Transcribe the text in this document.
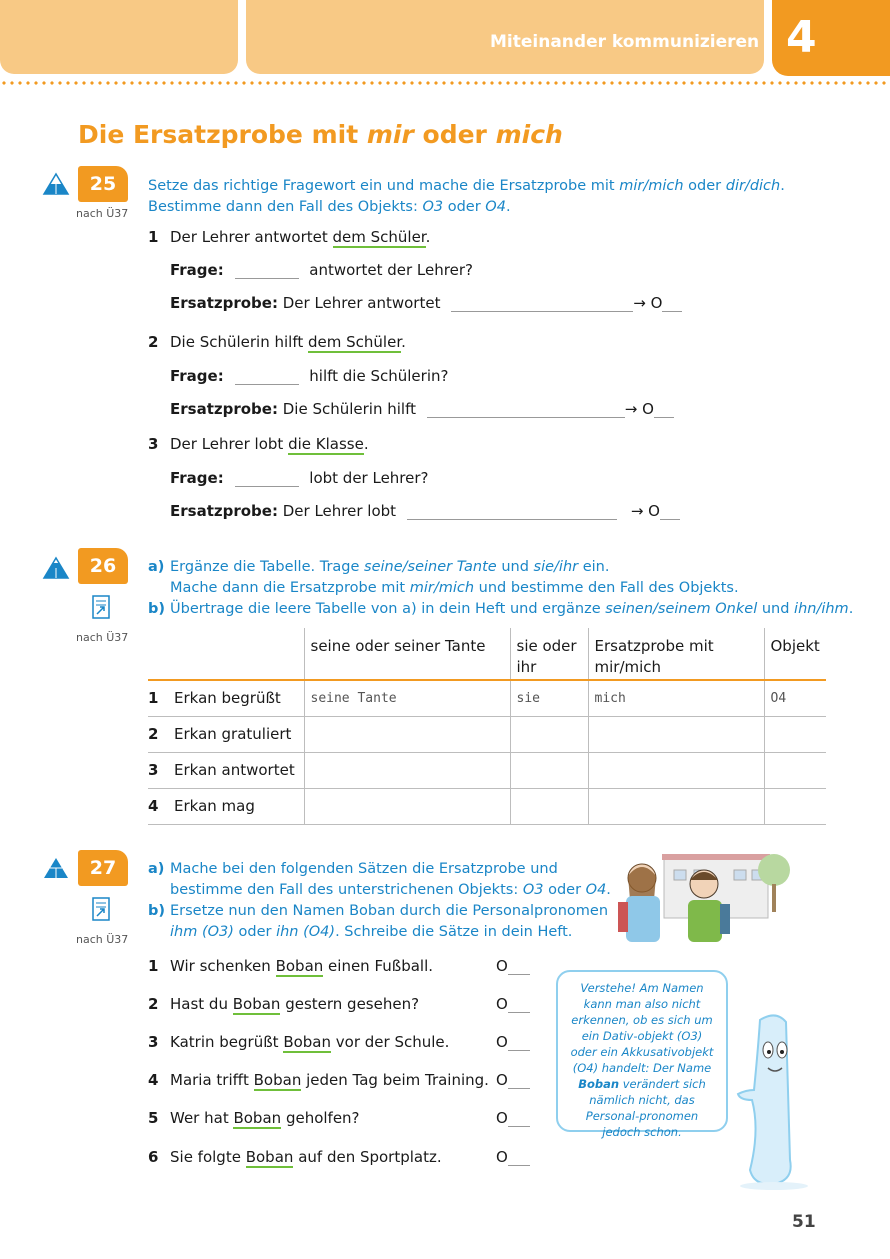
Miteinander kommunizieren 4
Die Ersatzprobe mit mir oder mich
25
nach Ü37
Setze das richtige Fragewort ein und mache die Ersatzprobe mit mir/mich oder dir/dich.
Bestimme dann den Fall des Objekts: O3 oder O4.
1 Der Lehrer antwortet dem Schüler.
Frage:	antwortet der Lehrer?
Ersatzprobe: Der Lehrer antwortet	→ O
2 Die Schülerin hilft dem Schüler.
Frage:	hilft die Schülerin?
Ersatzprobe: Die Schülerin hilft	→ O
3 Der Lehrer lobt die Klasse.
Frage:	lobt der Lehrer?
Ersatzprobe: Der Lehrer lobt	→ O
26
nach Ü37
a) Ergänze die Tabelle. Trage seine/seiner Tante und sie/ihr ein.
Mache dann die Ersatzprobe mit mir/mich und bestimme den Fall des Objekts.
b) Übertrage die leere Tabelle von a) in dein Heft und ergänze seinen/seinem Onkel und ihn/ihm.
		seine oder seiner Tante	sie oder ihr	Ersatzprobe mit mir/mich	Objekt
1	Erkan begrüßt	seine Tante	sie	mich	O4
2	Erkan gratuliert				
3	Erkan antwortet				
4	Erkan mag				
27
nach Ü37
a) Mache bei den folgenden Sätzen die Ersatzprobe und
bestimme den Fall des unterstrichenen Objekts: O3 oder O4.
b) Ersetze nun den Namen Boban durch die Personalpronomen
ihm (O3) oder ihn (O4). Schreibe die Sätze in dein Heft.
1 Wir schenken Boban einen Fußball.	O
2 Hast du Boban gestern gesehen?	O
3 Katrin begrüßt Boban vor der Schule.	O
4 Maria trifft Boban jeden Tag beim Training. O
5 Wer hat Boban geholfen?	O
6 Sie folgte Boban auf den Sportplatz.	O
Verstehe! Am Namen kann man also nicht erkennen, ob es sich um ein Dativ-objekt (O3) oder ein Akkusativobjekt (O4) handelt: Der Name Boban verändert sich nämlich nicht, das Personal-pronomen jedoch schon.
51
